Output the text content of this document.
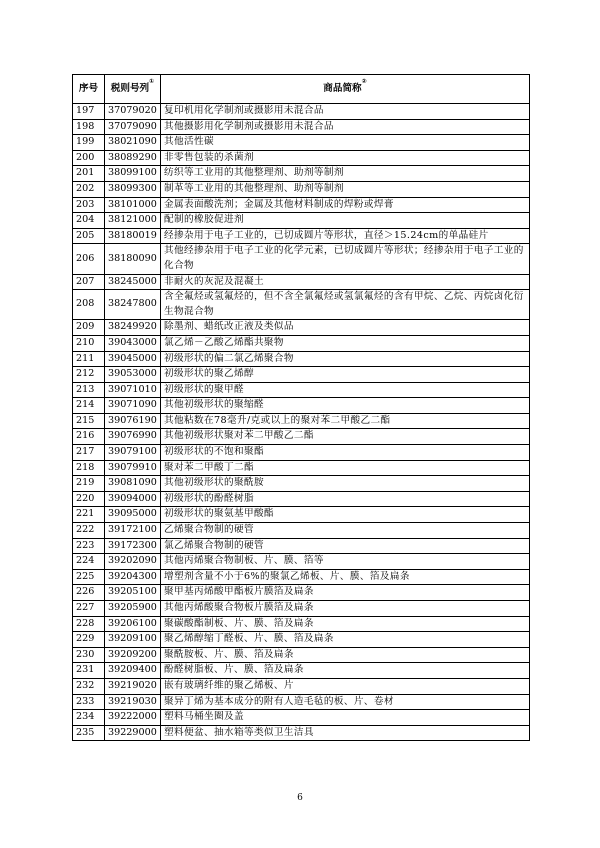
序号	税则号列①	商品简称②
197	37079020	复印机用化学制剂或摄影用未混合品
198	37079090	其他摄影用化学制剂或摄影用未混合品
199	38021090	其他活性碳
200	38089290	非零售包装的杀菌剂
201	38099100	纺织等工业用的其他整理剂、助剂等制剂
202	38099300	制革等工业用的其他整理剂、助剂等制剂
203	38101000	金属表面酸洗剂；金属及其他材料制成的焊粉或焊膏
204	38121000	配制的橡胶促进剂
205	38180019	经掺杂用于电子工业的，已切成圆片等形状，直径＞15.24cm的单晶硅片
206	38180090	其他经掺杂用于电子工业的化学元素，已切成圆片等形状；经掺杂用于电子工业的化合物
207	38245000	非耐火的灰泥及混凝土
208	38247800	含全氟烃或氢氟烃的，但不含全氯氟烃或氢氯氟烃的含有甲烷、乙烷、丙烷卤化衍生物混合物
209	38249920	除墨剂、蜡纸改正液及类似品
210	39043000	氯乙烯－乙酸乙烯酯共聚物
211	39045000	初级形状的偏二氯乙烯聚合物
212	39053000	初级形状的聚乙烯醇
213	39071010	初级形状的聚甲醛
214	39071090	其他初级形状的聚缩醛
215	39076190	其他粘数在78毫升/克或以上的聚对苯二甲酸乙二酯
216	39076990	其他初级形状聚对苯二甲酸乙二酯
217	39079100	初级形状的不饱和聚酯
218	39079910	聚对苯二甲酸丁二酯
219	39081090	其他初级形状的聚酰胺
220	39094000	初级形状的酚醛树脂
221	39095000	初级形状的聚氨基甲酸酯
222	39172100	乙烯聚合物制的硬管
223	39172300	氯乙烯聚合物制的硬管
224	39202090	其他丙烯聚合物制板、片、膜、箔等
225	39204300	增塑剂含量不小于6%的聚氯乙烯板、片、膜、箔及扁条
226	39205100	聚甲基丙烯酸甲酯板片膜箔及扁条
227	39205900	其他丙烯酸聚合物板片膜箔及扁条
228	39206100	聚碳酸酯制板、片、膜、箔及扁条
229	39209100	聚乙烯醇缩丁醛板、片、膜、箔及扁条
230	39209200	聚酰胺板、片、膜、箔及扁条
231	39209400	酚醛树脂板、片、膜、箔及扁条
232	39219020	嵌有玻璃纤维的聚乙烯板、片
233	39219030	聚异丁烯为基本成分的附有人造毛毡的板、片、卷材
234	39222000	塑料马桶坐圈及盖
235	39229000	塑料便盆、抽水箱等类似卫生洁具
6
